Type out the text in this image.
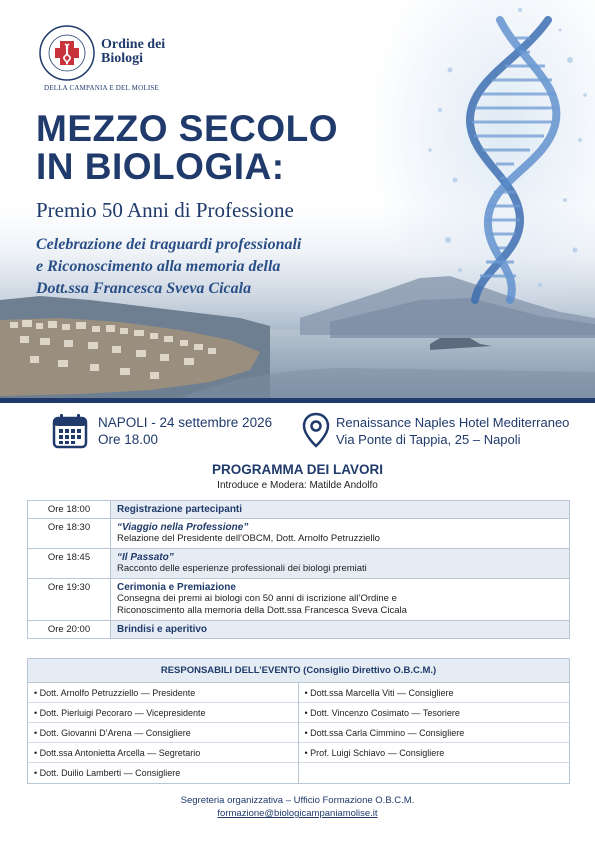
Ordine dei
Biologi
DELLA CAMPANIA E DEL MOLISE
MEZZO SECOLO
IN BIOLOGIA:
Premio 50 Anni di Professione
Celebrazione dei traguardi professionali
e Riconoscimento alla memoria della
Dott.ssa Francesca Sveva Cicala
NAPOLI - 24 settembre 2026
Ore 18.00
Renaissance Naples Hotel Mediterraneo
Via Ponte di Tappia, 25 – Napoli
PROGRAMMA DEI LAVORI
Introduce e Modera: Matilde Andolfo
Ore 18:00	Registrazione partecipanti

Ore 18:30	“Viaggio nella Professione”
Relazione del Presidente dell’OBCM, Dott. Arnolfo Petruzziello

Ore 18:45	“Il Passato”
Racconto delle esperienze professionali dei biologi premiati

Ore 19:30	Cerimonia e Premiazione
Consegna dei premi ai biologi con 50 anni di iscrizione all’Ordine e
Riconoscimento alla memoria della Dott.ssa Francesca Sveva Cicala

Ore 20:00	Brindisi e aperitivo
RESPONSABILI DELL’EVENTO (Consiglio Direttivo O.B.C.M.)
• Dott. Arnolfo Petruzziello — Presidente
• Dott. Pierluigi Pecoraro — Vicepresidente
• Dott. Giovanni D’Arena — Consigliere
• Dott.ssa Antonietta Arcella — Segretario
• Dott. Duilio Lamberti — Consigliere
• Dott.ssa Marcella Viti — Consigliere
• Dott. Vincenzo Cosimato — Tesoriere
• Dott.ssa Carla Cimmino — Consigliere
• Prof. Luigi Schiavo — Consigliere
Segreteria organizzativa – Ufficio Formazione O.B.C.M.
formazione@biologicampaniamolise.it
